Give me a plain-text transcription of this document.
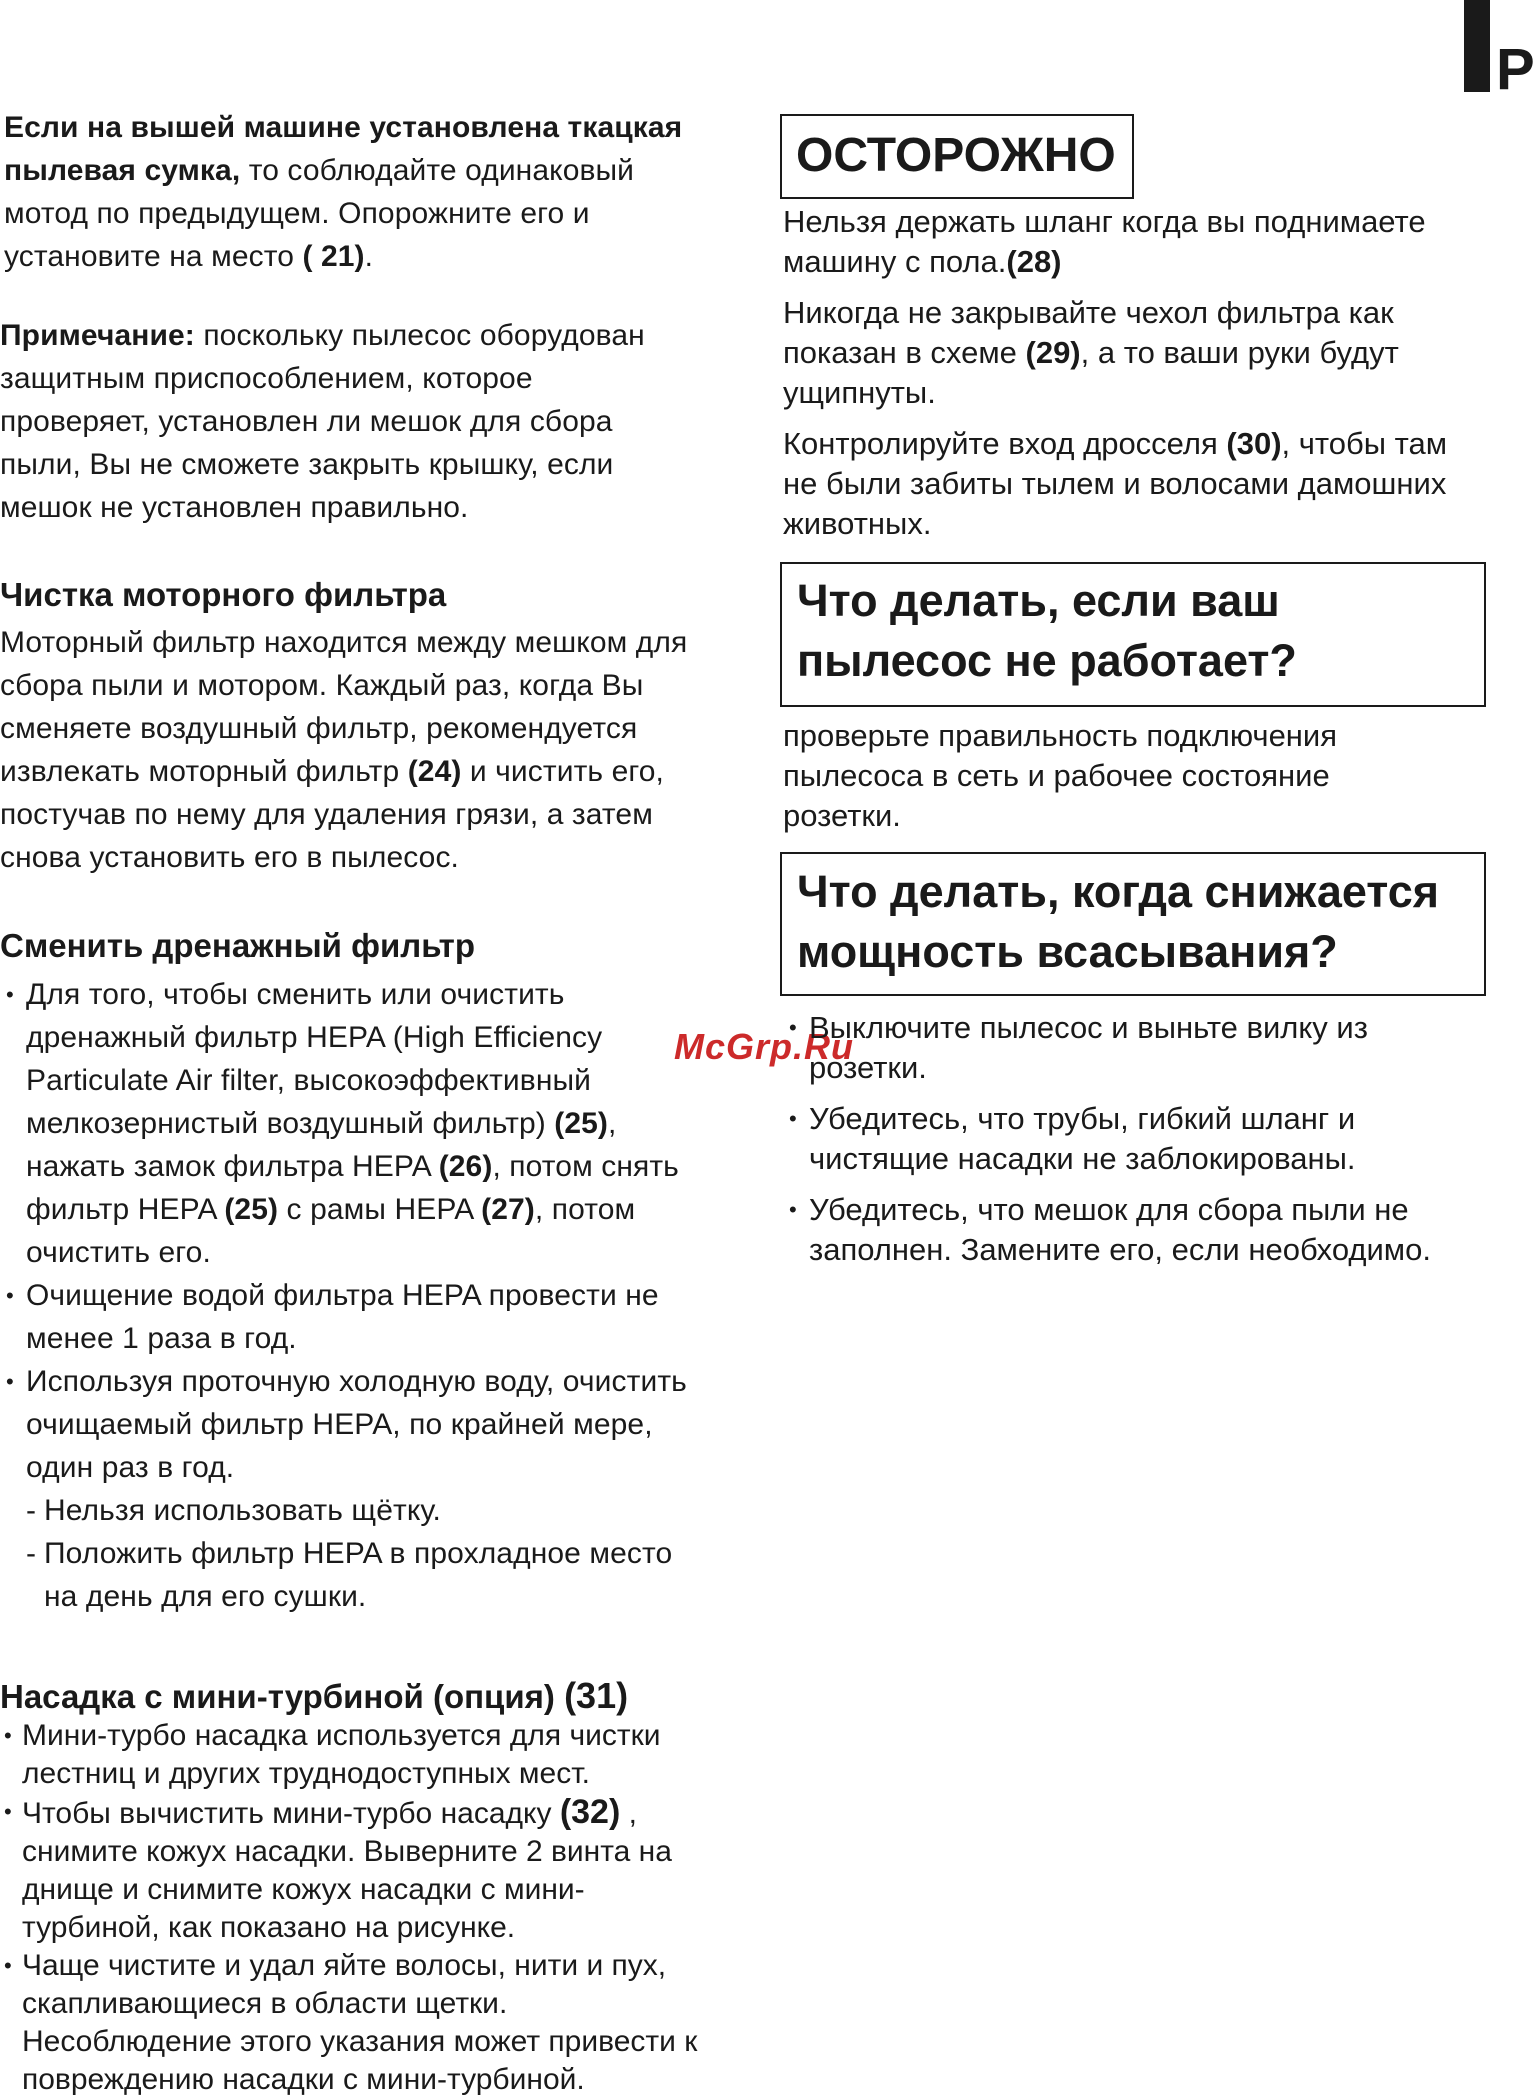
P
McGrp.Ru
Если на вышей машине установлена ткацкая пылевая сумка, то соблюдайте одинаковый мотод по предыдущем. Опорожните его и установите на место ( 21).
Примечание: поскольку пылесос оборудован защитным приспособлением, которое проверяет, установлен ли мешок для сбора пыли, Вы не сможете закрыть крышку, если мешок не установлен правильно.
Чистка моторного фильтра
Моторный фильтр находится между мешком для сбора пыли и мотором. Каждый раз, когда Вы сменяете воздушный фильтр, рекомендуется извлекать моторный фильтр (24) и чистить его, постучав по нему для удаления грязи, а затем снова установить его в пылесос.
Сменить дренажный фильтр
• Для того, чтобы сменить или очистить дренажный фильтр HEPA (High Efficiency Particulate Air filter, высокоэффективный мелкозернистый воздушный фильтр) (25), нажать замок фильтра HEPA (26), потом снять фильтр HEPA (25) с рамы HEPA (27), потом очистить его.
• Очищение водой фильтра HEPA провести не менее 1 раза в год.
• Используя проточную холодную воду, очистить очищаемый фильтр HEPA, по крайней мере, один раз в год.
- Нельзя использовать щётку.
- Положить фильтр HEPA в прохладное место на день для его сушки.
Насадка с мини-турбиной (опция) (31)
• Мини-турбо насадка используется для чистки лестниц и других труднодоступных мест.
• Чтобы вычистить мини-турбо насадку (32) , снимите кожух насадки. Выверните 2 винта на днище и снимите кожух насадки с мини-турбиной, как показано на рисунке.
• Чаще чистите и удал яйте волосы, нити и пух, скапливающиеся в области щетки. Несоблюдение этого указания может привести к повреждению насадки с мини-турбиной.
ОСТОРОЖНО

Нельзя держать шланг когда вы поднимаете машину с пола.(28)

Никогда не закрывайте чехол фильтра как показан в схеме (29), а то ваши руки будут ущипнуты.

Контролируйте вход дросселя (30), чтобы там не были забиты тылем и волосами дамошних животных.

Что делать, если ваш пылесос не работает?
проверьте правильность подключения пылесоса в сеть и рабочее состояние розетки.
Что делать, когда снижается мощность всасывания?
• Выключите пылесос и выньте вилку из розетки.
• Убедитесь, что трубы, гибкий шланг и чистящие насадки не заблокированы.
• Убедитесь, что мешок для сбора пыли не заполнен. Замените его, если необходимо.
